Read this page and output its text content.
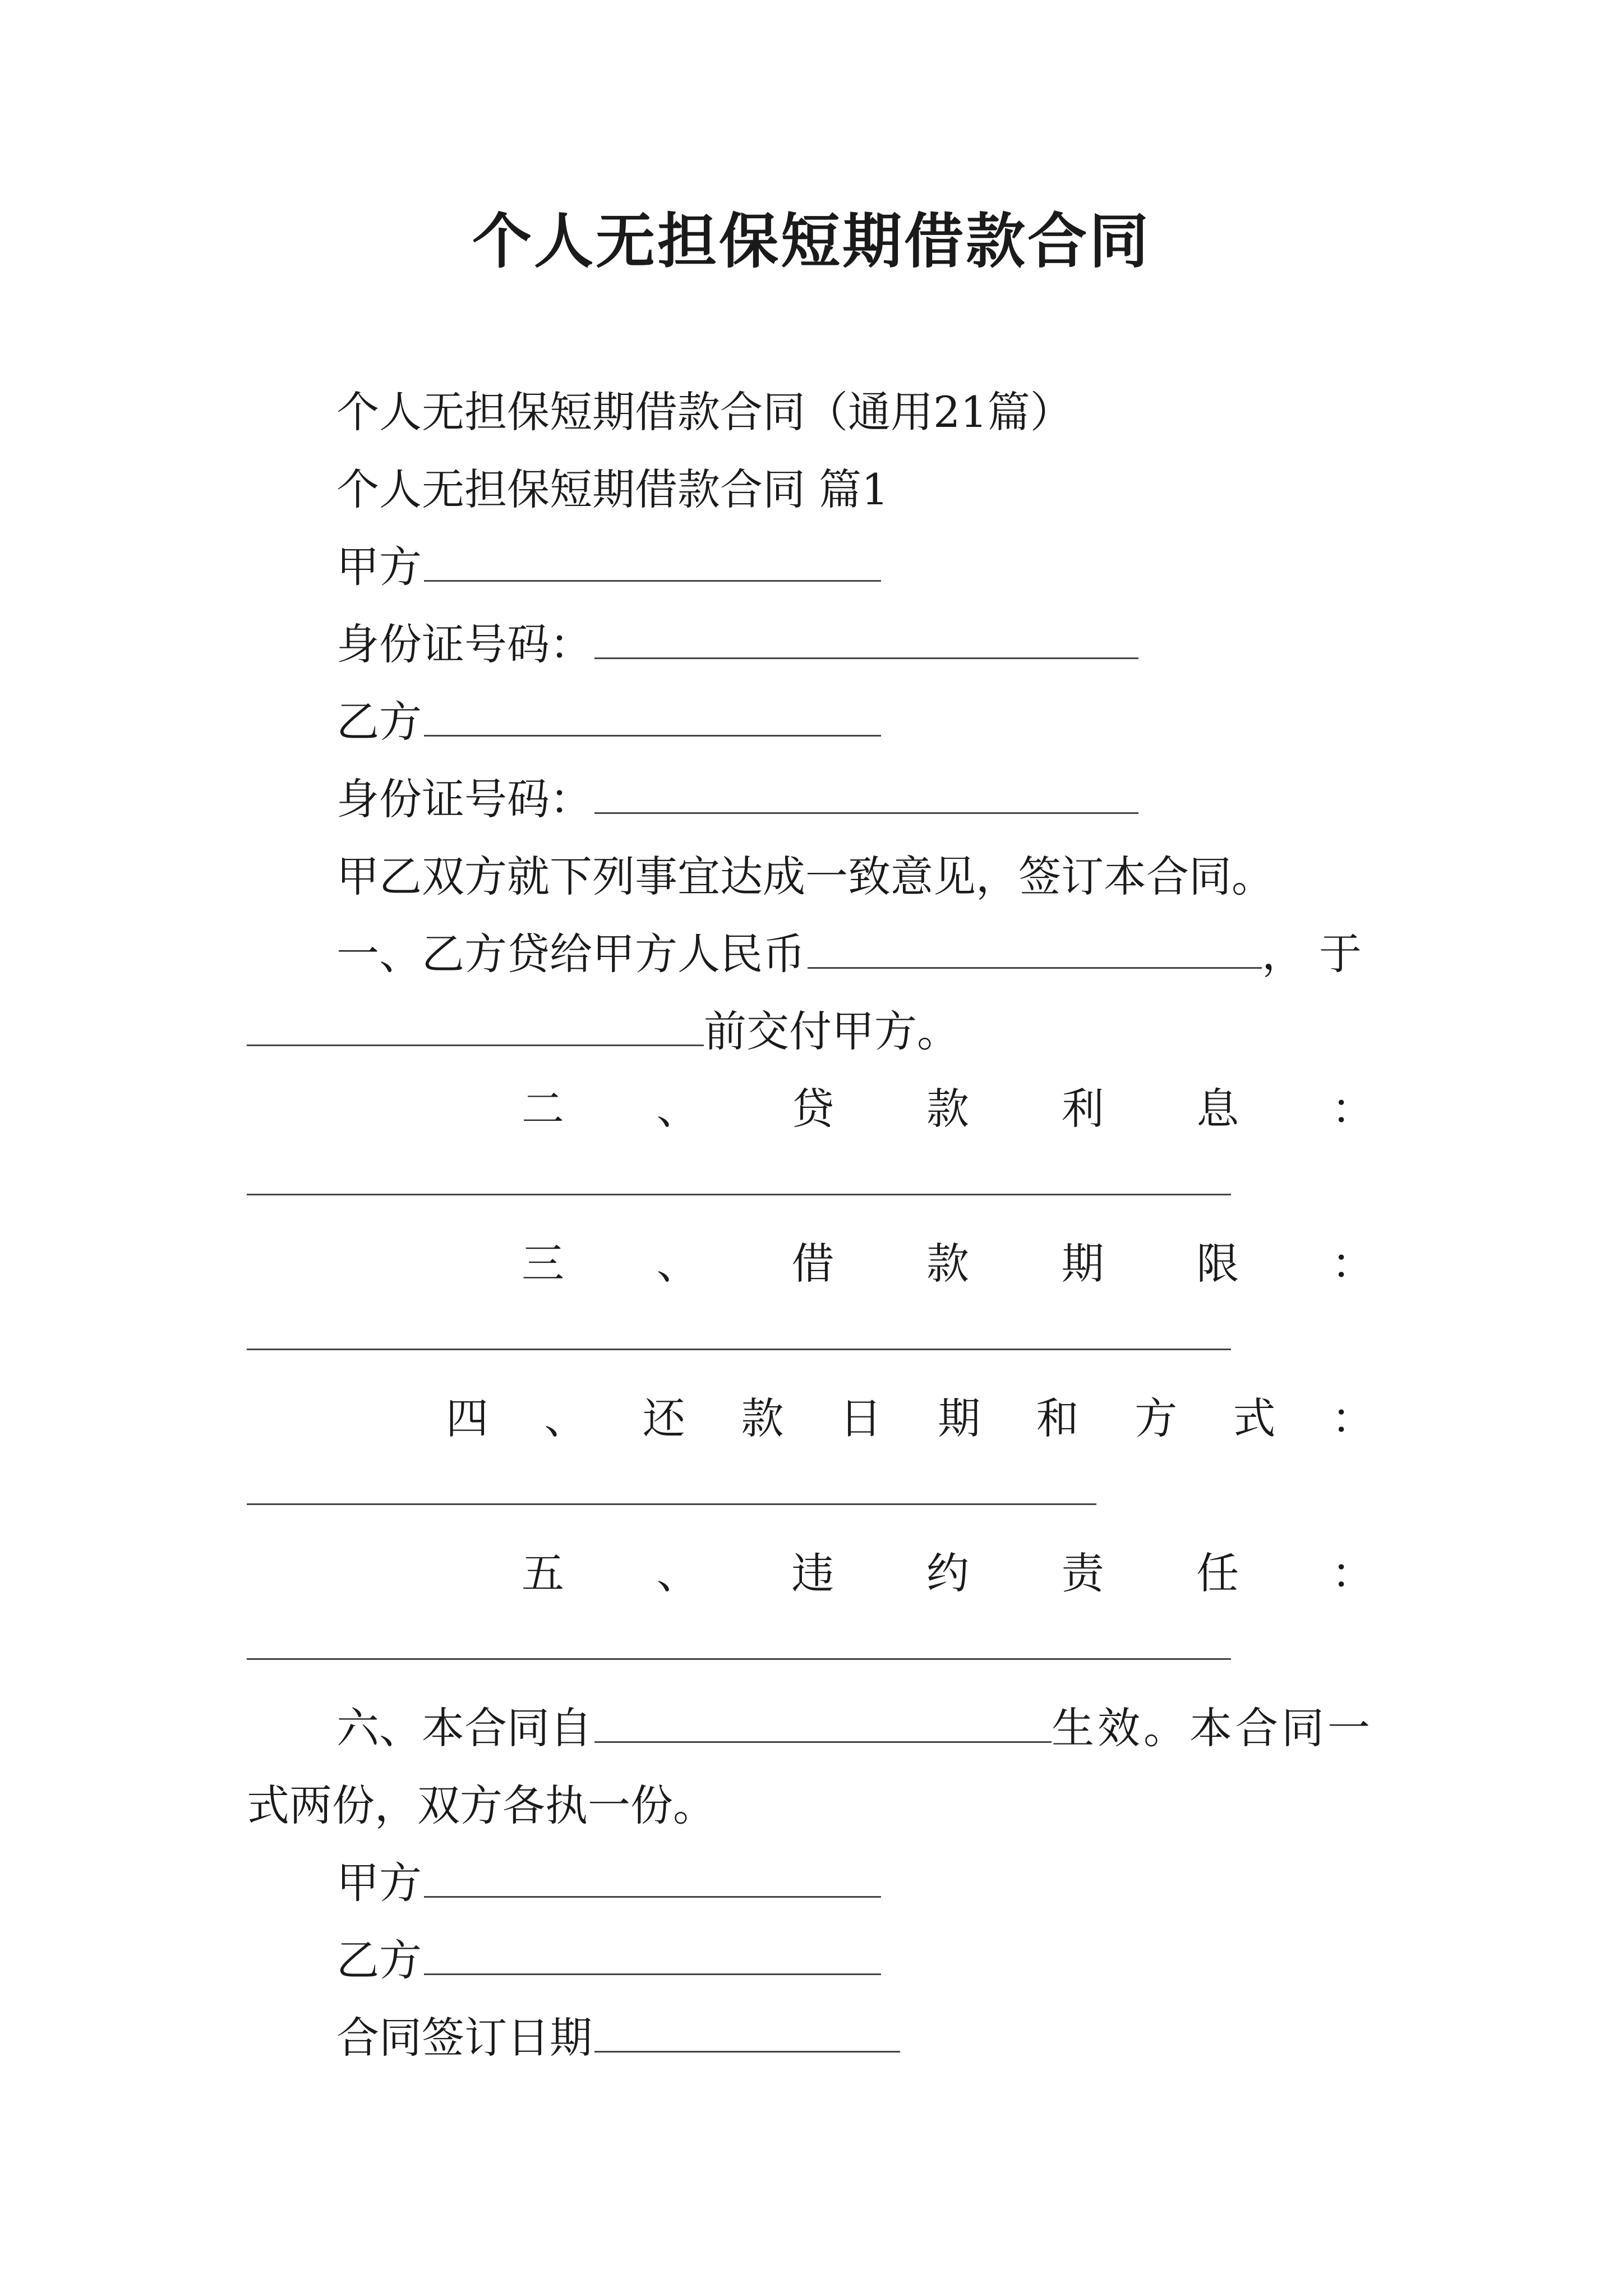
个人无担保短期借款合同
个人无担保短期借款合同（通用21篇）
个人无担保短期借款合同 篇1
甲方
身份证号码：
乙方
身份证号码：
甲乙双方就下列事宜达成一致意见，签订本合同。
一、乙方贷给甲方人民币	，于
前交付甲方。
二 、 贷 款 利 息 ：
三 、 借 款 期 限 ：
四 、 还 款 日 期 和 方 式 ：
五 、 违 约 责 任 ：
六、本合同自	生效。本合同一
式两份，双方各执一份。
甲方
乙方
合同签订日期
